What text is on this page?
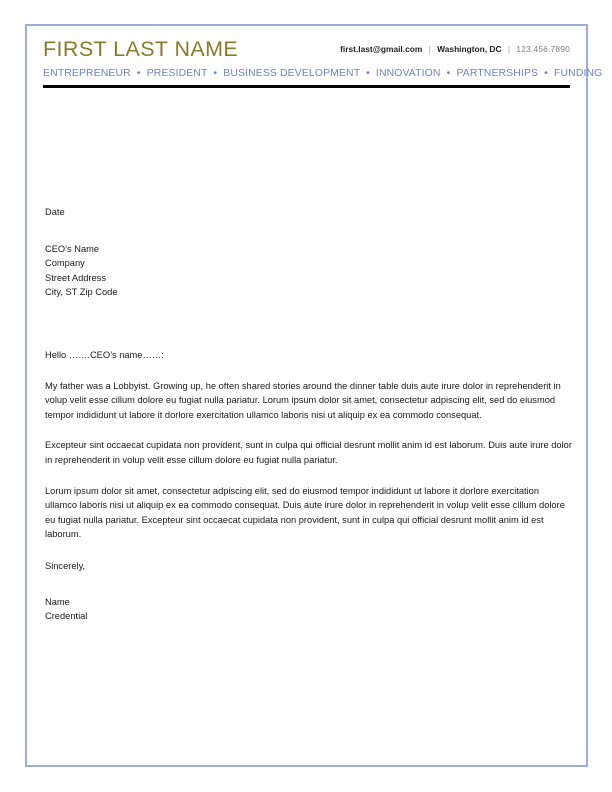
FIRST LAST NAME	first.last@gmail.com | Washington, DC | 123.456.7890
ENTREPRENEUR • PRESIDENT • BUSINESS DEVELOPMENT • INNOVATION • PARTNERSHIPS • FUNDING
Date
CEO’s Name
Company
Street Address
City, ST Zip Code
Hello …….CEO’s name……:

My father was a Lobbyist. Growing up, he often shared stories around the dinner table duis aute irure dolor in reprehenderit in volup velit esse cillum dolore eu fugiat nulla pariatur. Lorum ipsum dolor sit amet, consectetur adpiscing elit, sed do eiusmod tempor indididunt ut labore it dorlore exercitation ullamco laboris nisi ut aliquip ex ea commodo consequat.

Excepteur sint occaecat cupidata non provident, sunt in culpa qui official desrunt mollit anim id est laborum. Duis aute irure dolor in reprehenderit in volup velit esse cillum dolore eu fugiat nulla pariatur.

Lorum ipsum dolor sit amet, consectetur adpiscing elit, sed do eiusmod tempor indididunt ut labore it dorlore exercitation ullamco laboris nisi ut aliquip ex ea commodo consequat. Duis aute irure dolor in reprehenderit in volup velit esse cillum dolore eu fugiat nulla pariatur. Excepteur sint occaecat cupidata non provident, sunt in culpa qui official desrunt mollit anim id est laborum.

Sincerely,
Name
Credential
